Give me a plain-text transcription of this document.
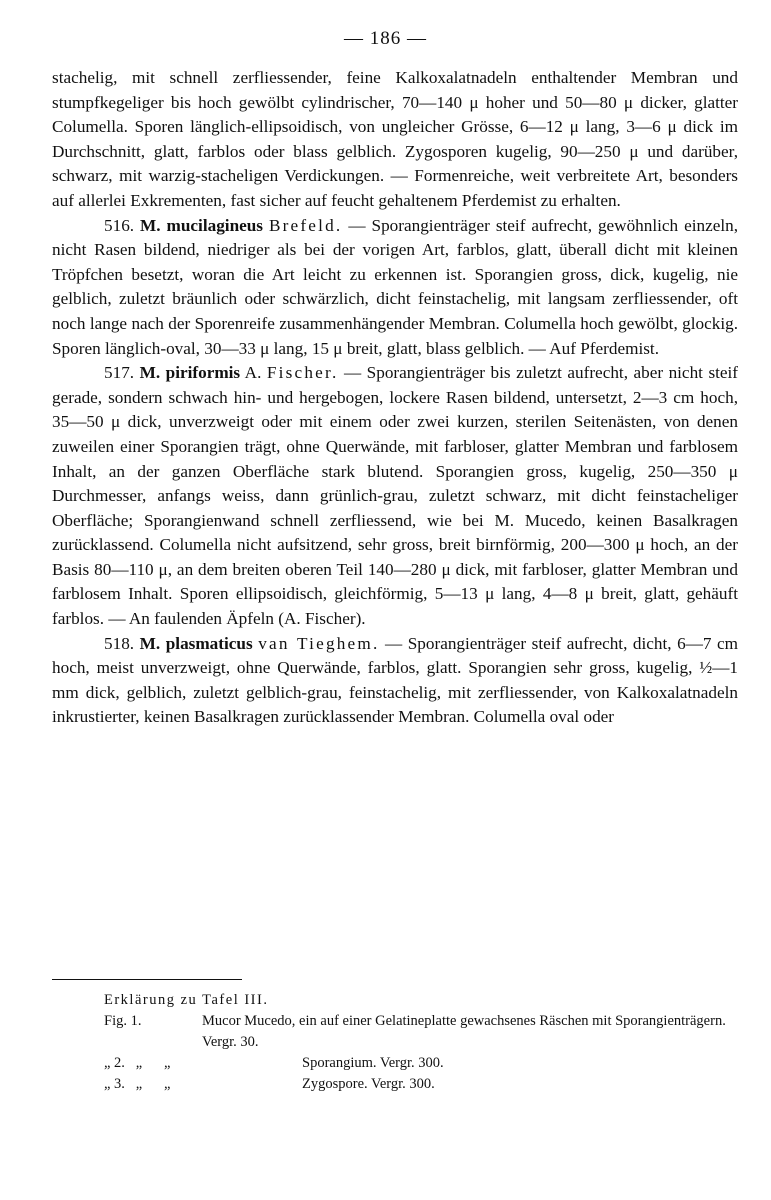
— 186 —

stachelig, mit schnell zerfliessender, feine Kalkoxalatnadeln enthaltender Membran und stumpfkegeliger bis hoch gewölbt cylindrischer, 70—140 μ hoher und 50—80 μ dicker, glatter Columella. Sporen länglich-ellipsoidisch, von ungleicher Grösse, 6—12 μ lang, 3—6 μ dick im Durchschnitt, glatt, farblos oder blass gelblich. Zygosporen kugelig, 90—250 μ und darüber, schwarz, mit warzig-stacheligen Verdickungen. — Formenreiche, weit verbreitete Art, besonders auf allerlei Exkrementen, fast sicher auf feucht gehaltenem Pferdemist zu erhalten.

516. M. mucilagineus Brefeld. — Sporangienträger steif aufrecht, gewöhnlich einzeln, nicht Rasen bildend, niedriger als bei der vorigen Art, farblos, glatt, überall dicht mit kleinen Tröpfchen besetzt, woran die Art leicht zu erkennen ist. Sporangien gross, dick, kugelig, nie gelblich, zuletzt bräunlich oder schwärzlich, dicht feinstachelig, mit langsam zerfliessender, oft noch lange nach der Sporenreife zusammenhängender Membran. Columella hoch gewölbt, glockig. Sporen länglich-oval, 30—33 μ lang, 15 μ breit, glatt, blass gelblich. — Auf Pferdemist.

517. M. piriformis A. Fischer. — Sporangienträger bis zuletzt aufrecht, aber nicht steif gerade, sondern schwach hin- und hergebogen, lockere Rasen bildend, untersetzt, 2—3 cm hoch, 35—50 μ dick, unverzweigt oder mit einem oder zwei kurzen, sterilen Seitenästen, von denen zuweilen einer Sporangien trägt, ohne Querwände, mit farbloser, glatter Membran und farblosem Inhalt, an der ganzen Oberfläche stark blutend. Sporangien gross, kugelig, 250—350 μ Durchmesser, anfangs weiss, dann grünlich-grau, zuletzt schwarz, mit dicht feinstacheliger Oberfläche; Sporangienwand schnell zerfliessend, wie bei M. Mucedo, keinen Basalkragen zurücklassend. Columella nicht aufsitzend, sehr gross, breit birnförmig, 200—300 μ hoch, an der Basis 80—110 μ, an dem breiten oberen Teil 140—280 μ dick, mit farbloser, glatter Membran und farblosem Inhalt. Sporen ellipsoidisch, gleichförmig, 5—13 μ lang, 4—8 μ breit, glatt, gehäuft farblos. — An faulenden Äpfeln (A. Fischer).

518. M. plasmaticus van Tieghem. — Sporangienträger steif aufrecht, dicht, 6—7 cm hoch, meist unverzweigt, ohne Querwände, farblos, glatt. Sporangien sehr gross, kugelig, ½—1 mm dick, gelblich, zuletzt gelblich-grau, feinstachelig, mit zerfliessender, von Kalkoxalatnadeln inkrustierter, keinen Basalkragen zurücklassender Membran. Columella oval oder

Erklärung zu Tafel III.
Fig. 1.	Mucor Mucedo, ein auf einer Gelatineplatte gewachsenes Räschen mit Sporangienträgern. Vergr. 30.
„ 2.   „      „	Sporangium. Vergr. 300.
„ 3.   „      „	Zygospore. Vergr. 300.
